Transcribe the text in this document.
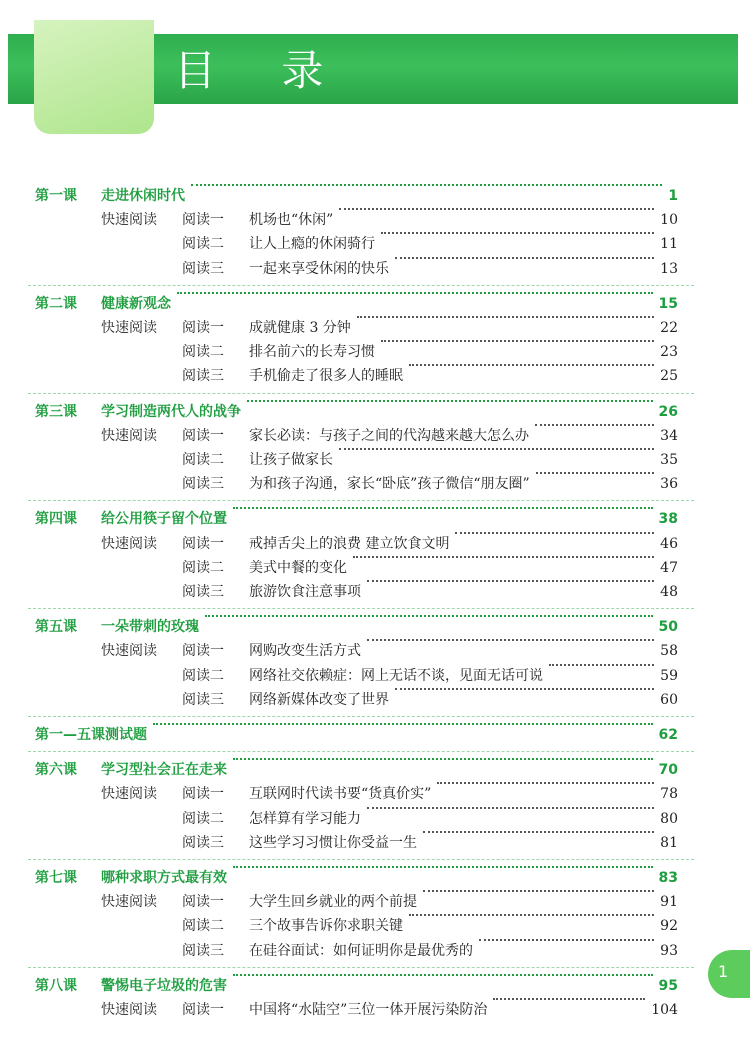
目 录
第一课 走进休闲时代	1
快速阅读 阅读一 机场也“休闲”	10
阅读二 让人上瘾的休闲骑行	11
阅读三 一起来享受休闲的快乐	13
第二课 健康新观念	15
快速阅读 阅读一 成就健康 3 分钟	22
阅读二 排名前六的长寿习惯	23
阅读三 手机偷走了很多人的睡眠	25
第三课 学习制造两代人的战争	26
快速阅读 阅读一 家长必读：与孩子之间的代沟越来越大怎么办	34
阅读二 让孩子做家长	35
阅读三 为和孩子沟通，家长“卧底”孩子微信“朋友圈”	36
第四课 给公用筷子留个位置	38
快速阅读 阅读一 戒掉舌尖上的浪费 建立饮食文明	46
阅读二 美式中餐的变化	47
阅读三 旅游饮食注意事项	48
第五课 一朵带刺的玫瑰	50
快速阅读 阅读一 网购改变生活方式	58
阅读二 网络社交依赖症：网上无话不谈，见面无话可说	59
阅读三 网络新媒体改变了世界	60
第一—五课测试题	62
第六课 学习型社会正在走来	70
快速阅读 阅读一 互联网时代读书要“货真价实”	78
阅读二 怎样算有学习能力	80
阅读三 这些学习习惯让你受益一生	81
第七课 哪种求职方式最有效	83
快速阅读 阅读一 大学生回乡就业的两个前提	91
阅读二 三个故事告诉你求职关键	92
阅读三 在硅谷面试：如何证明你是最优秀的	93
第八课 警惕电子垃圾的危害	95
快速阅读 阅读一 中国将“水陆空”三位一体开展污染防治	104
1
